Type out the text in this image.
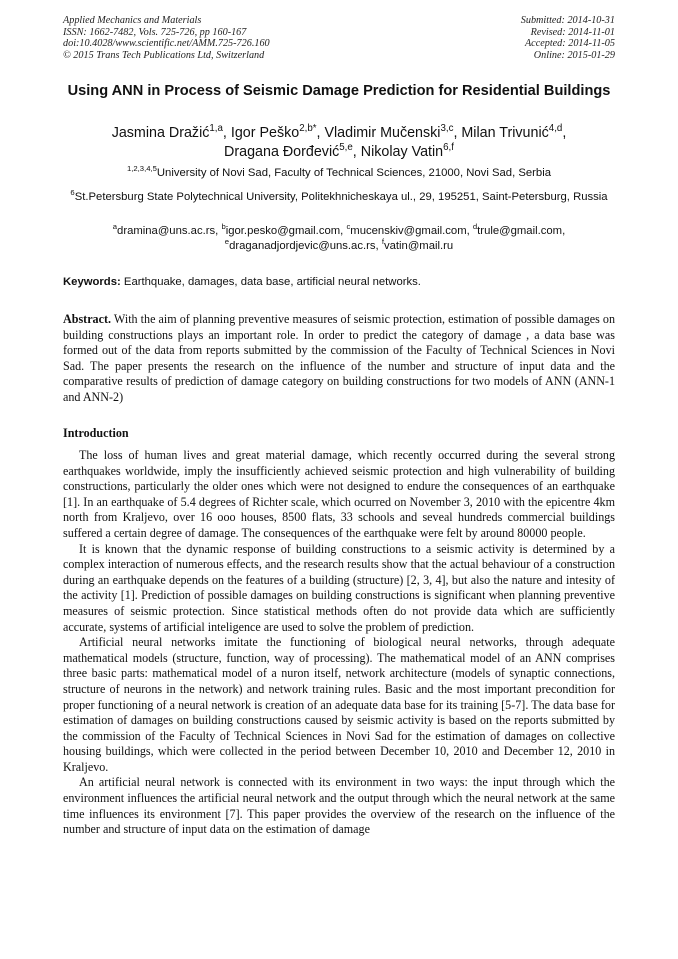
Applied Mechanics and Materials
ISSN: 1662-7482, Vols. 725-726, pp 160-167
doi:10.4028/www.scientific.net/AMM.725-726.160
© 2015 Trans Tech Publications Ltd, Switzerland
Submitted: 2014-10-31
Revised: 2014-11-01
Accepted: 2014-11-05
Online: 2015-01-29
Using ANN in Process of Seismic Damage Prediction for Residential Buildings
Jasmina Dražić$^{1,a}$, Igor Peško$^{2,b*}$, Vladimir Mučenski$^{3,c}$, Milan Trivunić$^{4,d}$,
Dragana Đorđević$^{5,e}$, Nikolay Vatin$^{6,f}$
$^{1,2,3,4,5}$University of Novi Sad, Faculty of Technical Sciences, 21000, Novi Sad, Serbia
$^6$St.Petersburg State Polytechnical University, Politekhnicheskaya ul., 29, 195251, Saint-Petersburg, Russia
$^a$dramina@uns.ac.rs, $^b$igor.pesko@gmail.com, $^c$mucenskiv@gmail.com, $^d$trule@gmail.com,
$^e$draganadjordjevic@uns.ac.rs, $^f$vatin@mail.ru
Keywords: Earthquake, damages, data base, artificial neural networks.
Abstract. With the aim of planning preventive measures of seismic protection, estimation of possible damages on building constructions plays an important role. In order to predict the category of damage , a data base was formed out of the data from reports submitted by the commission of the Faculty of Technical Sciences in Novi Sad. The paper presents the research on the influence of the number and structure of input data and the comparative results of prediction of damage category on building constructions for two models of ANN (ANN-1 and ANN-2)
Introduction

The loss of human lives and great material damage, which recently occurred during the several strong earthquakes worldwide, imply the insufficiently achieved seismic protection and high vulnerability of building constructions, particularly the older ones which were not designed to endure the consequences of an earthquake [1]. In an earthquake of 5.4 degrees of Richter scale, which ocurred on November 3, 2010 with the epicentre 4km north from Kraljevo, over 16 ooo houses, 8500 flats, 33 schools and seveal hundreds commercial buildings suffered a certain degree of damage. The consequences of the earthquake were felt by around 80000 people.

It is known that the dynamic response of building constructions to a seismic activity is determined by a complex interaction of numerous effects, and the research results show that the actual behaviour of a construction during an earthquake depends on the features of a building (structure) [2, 3, 4], but also the nature and intesity of the activity [1]. Prediction of possible damages on building constructions is significant when planning preventive measures of seismic protection. Since statistical methods often do not provide data which are sufficiently accurate, systems of artificial inteligence are used to solve the problem of prediction.

Artificial neural networks imitate the functioning of biological neural networks, through adequate mathematical models (structure, function, way of processing). The mathematical model of an ANN comprises three basic parts: mathematical model of a nuron itself, network architecture (models of synaptic connections, structure of neurons in the network) and network training rules. Basic and the most important precondition for proper functioning of a neural network is creation of an adequate data base for its training [5-7]. The data base for estimation of damages on building constructions caused by seismic activity is based on the reports submitted by the commission of the Faculty of Technical Sciences in Novi Sad for the estimation of damages on collective housing buildings, which were collected in the period between December 10, 2010 and December 12, 2010 in Kraljevo.

An artificial neural network is connected with its environment in two ways: the input through which the environment influences the artificial neural network and the output through which the neural network at the same time influences its environment [7]. This paper provides the overview of the research on the influence of the number and structure of input data on the estimation of damage
